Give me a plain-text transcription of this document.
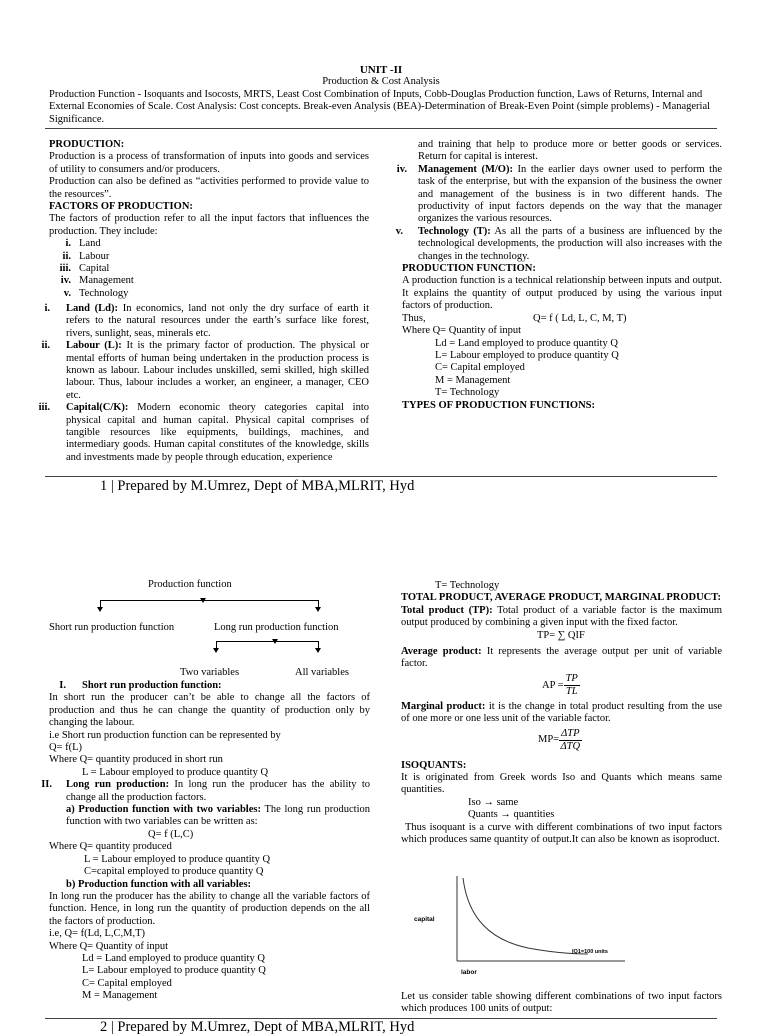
UNIT -II
Production & Cost Analysis
Production Function - Isoquants and Isocosts, MRTS, Least Cost Combination of Inputs, Cobb-Douglas Production function, Laws of Returns, Internal and External Economies of Scale. Cost Analysis: Cost concepts. Break-even Analysis (BEA)-Determination of Break-Even Point (simple problems) - Managerial Significance.

PRODUCTION:

Production is a process of transformation of inputs into goods and services of utility to consumers and/or producers.

Production can also be defined as “activities performed to provide value to the resources”.

FACTORS OF PRODUCTION:

The factors of production refer to all the input factors that influences the production. They include:

i. Land

ii. Labour

iii. Capital

iv. Management

v. Technology

i. Land (Ld): In economics, land not only the dry surface of earth it refers to the natural resources under the earth’s surface like forest, rivers, sunlight, seas, minerals etc.
ii. Labour (L): It is the primary factor of production. The physical or mental efforts of human being undertaken in the production process is known as labour. Labour includes unskilled, semi skilled, high skilled labour. Thus, labour includes a worker, an engineer, a manager, CEO etc.
iii. Capital(C/K): Modern economic theory categories capital into physical capital and human capital. Physical capital comprises of tangible resources like equipments, buildings, machines, and intermediary goods. Human capital constitutes of the knowledge, skills and investments made by people through education, experience

and training that help to produce more or better goods or services. Return for capital is interest.

iv. Management (M/O): In the earlier days owner used to perform the task of the enterprise, but with the expansion of the business the owner and management of the business is in two different hands. The productivity of input factors depends on the way that the manager organizes the various resources.
v. Technology (T): As all the parts of a business are influenced by the technological developments, the production will also increases with the changes in the technology.

PRODUCTION FUNCTION:

A production function is a technical relationship between inputs and output. It explains the quantity of output produced by using the various input factors of production.

Thus,	Q= f ( Ld, L, C, M, T)

Where Q= Quantity of input

Ld = Land employed to produce quantity Q

L= Labour employed to produce quantity Q

C= Capital employed

M = Management

T= Technology

TYPES OF PRODUCTION FUNCTIONS:

1 | Prepared by M.Umrez, Dept of MBA,MLRIT, Hyd
Production function
Short run production function	Long run production function
Two variables	All variables
I. Short run production function:

In short run the producer can’t be able to change all the factors of production and thus he can change the quantity of production only by changing the labour.

i.e Short run production function can be represented by

Q= f(L)

Where Q= quantity produced in short run

L = Labour employed to produce quantity Q

II. Long run production: In long run the producer has the ability to change all the production factors.

a) Production function with two variables: The long run production function with two variables can be written as:

Q= f (L,C)

Where Q= quantity produced

L = Labour employed to produce quantity Q

C=capital employed to produce quantity Q

b) Production function with all variables:

In long run the producer has the ability to change all the variable factors of function. Hence, in long run the quantity of production depends on the all the factors of production.

i.e, Q= f(Ld, L,C,M,T)

Where Q= Quantity of input

Ld = Land employed to produce quantity Q

L= Labour employed to produce quantity Q

C= Capital employed

M = Management

T= Technology

TOTAL PRODUCT, AVERAGE PRODUCT, MARGINAL PRODUCT:

Total product (TP): Total product of a variable factor is the maximum output produced by combining a given input with the fixed factor.

TP= ∑ QIF

Average product: It represents the average output per unit of variable factor.

AP = $\frac{TP}{TL}$

Marginal product: it is the change in total product resulting from the use of one more or one less unit of the variable factor.

$MP= \frac{\text{ΔTP}}{\text{ΔTQ}}$

ISOQUANTS:

It is originated from Greek words Iso and Quants which means same quantities.

Iso → same

Quants → quantities

Thus isoquant is a curve with different combinations of two input factors which produces same quantity of output.It can also be known as isoproduct.

capital
labor
IQ1=100 units
Let us consider table showing different combinations of two input factors which produces 100 units of output:
2 | Prepared by M.Umrez, Dept of MBA,MLRIT, Hyd
